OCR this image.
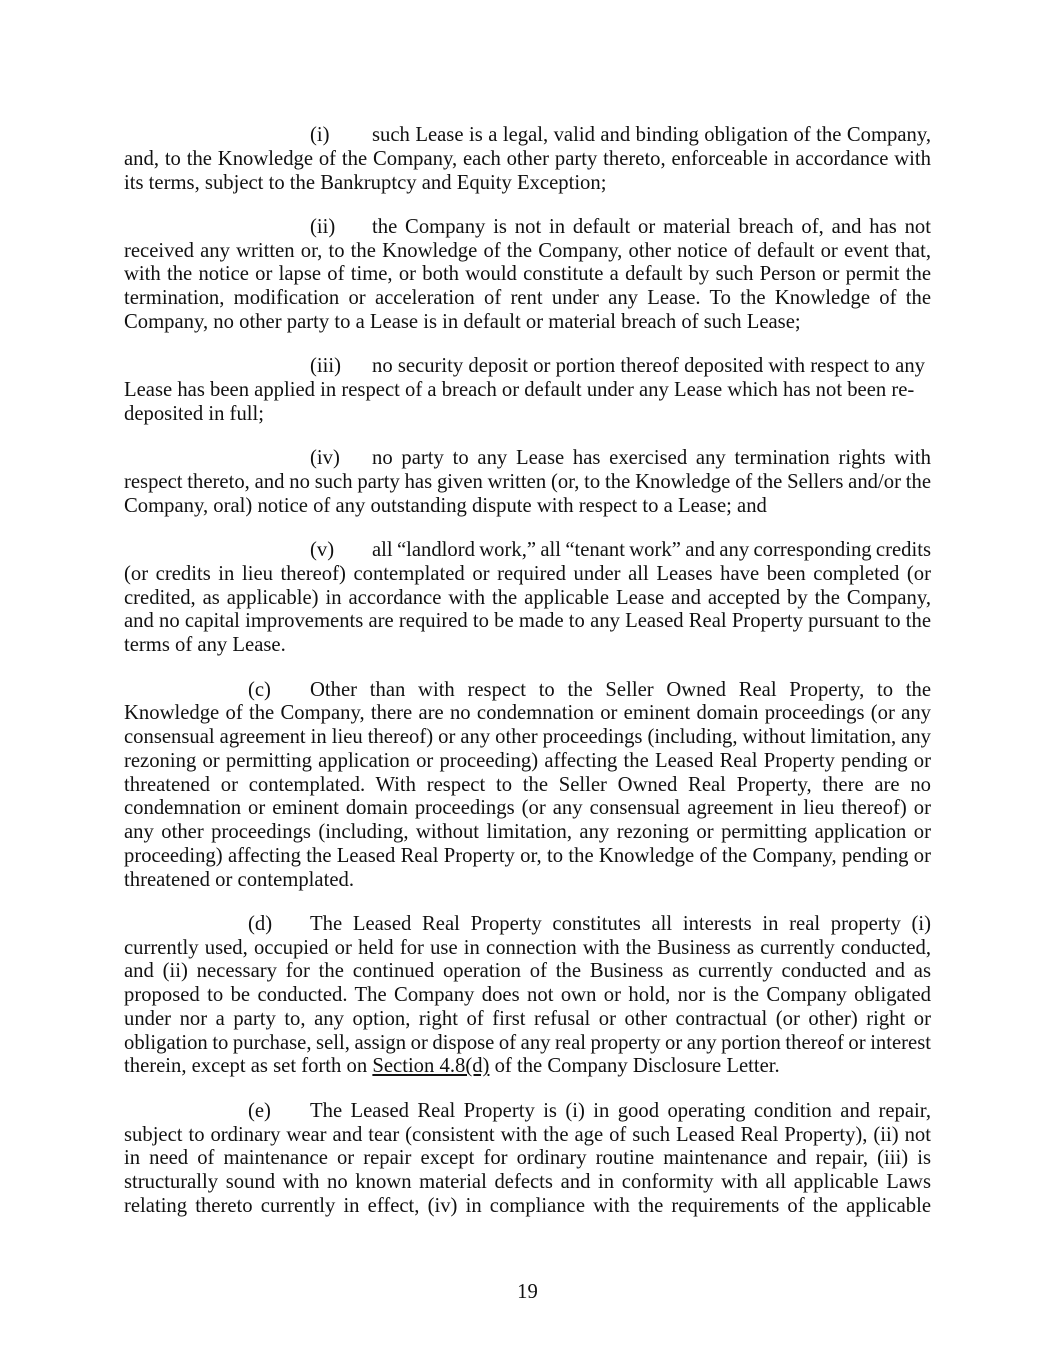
(i)	such Lease is a legal, valid and binding obligation of the Company,
and, to the Knowledge of the Company, each other party thereto, enforceable in accordance with
its terms, subject to the Bankruptcy and Equity Exception;
(ii)	the Company is not in default or material breach of, and has not
received any written or, to the Knowledge of the Company, other notice of default or event that,
with the notice or lapse of time, or both would constitute a default by such Person or permit the
termination, modification or acceleration of rent under any Lease. To the Knowledge of the
Company, no other party to a Lease is in default or material breach of such Lease;
(iii)	no security deposit or portion thereof deposited with respect to any
Lease has been applied in respect of a breach or default under any Lease which has not been re-
deposited in full;
(iv)	no party to any Lease has exercised any termination rights with
respect thereto, and no such party has given written (or, to the Knowledge of the Sellers and/or the
Company, oral) notice of any outstanding dispute with respect to a Lease; and
(v)	all “landlord work,” all “tenant work” and any corresponding credits
(or credits in lieu thereof) contemplated or required under all Leases have been completed (or
credited, as applicable) in accordance with the applicable Lease and accepted by the Company,
and no capital improvements are required to be made to any Leased Real Property pursuant to the
terms of any Lease.
(c)	Other than with respect to the Seller Owned Real Property, to the
Knowledge of the Company, there are no condemnation or eminent domain proceedings (or any
consensual agreement in lieu thereof) or any other proceedings (including, without limitation, any
rezoning or permitting application or proceeding) affecting the Leased Real Property pending or
threatened or contemplated. With respect to the Seller Owned Real Property, there are no
condemnation or eminent domain proceedings (or any consensual agreement in lieu thereof) or
any other proceedings (including, without limitation, any rezoning or permitting application or
proceeding) affecting the Leased Real Property or, to the Knowledge of the Company, pending or
threatened or contemplated.
(d)	The Leased Real Property constitutes all interests in real property (i)
currently used, occupied or held for use in connection with the Business as currently conducted,
and (ii) necessary for the continued operation of the Business as currently conducted and as
proposed to be conducted. The Company does not own or hold, nor is the Company obligated
under nor a party to, any option, right of first refusal or other contractual (or other) right or
obligation to purchase, sell, assign or dispose of any real property or any portion thereof or interest
therein, except as set forth on Section 4.8(d) of the Company Disclosure Letter.
(e)	The Leased Real Property is (i) in good operating condition and repair,
subject to ordinary wear and tear (consistent with the age of such Leased Real Property), (ii) not
in need of maintenance or repair except for ordinary routine maintenance and repair, (iii) is
structurally sound with no known material defects and in conformity with all applicable Laws
relating thereto currently in effect, (iv) in compliance with the requirements of the applicable
19
